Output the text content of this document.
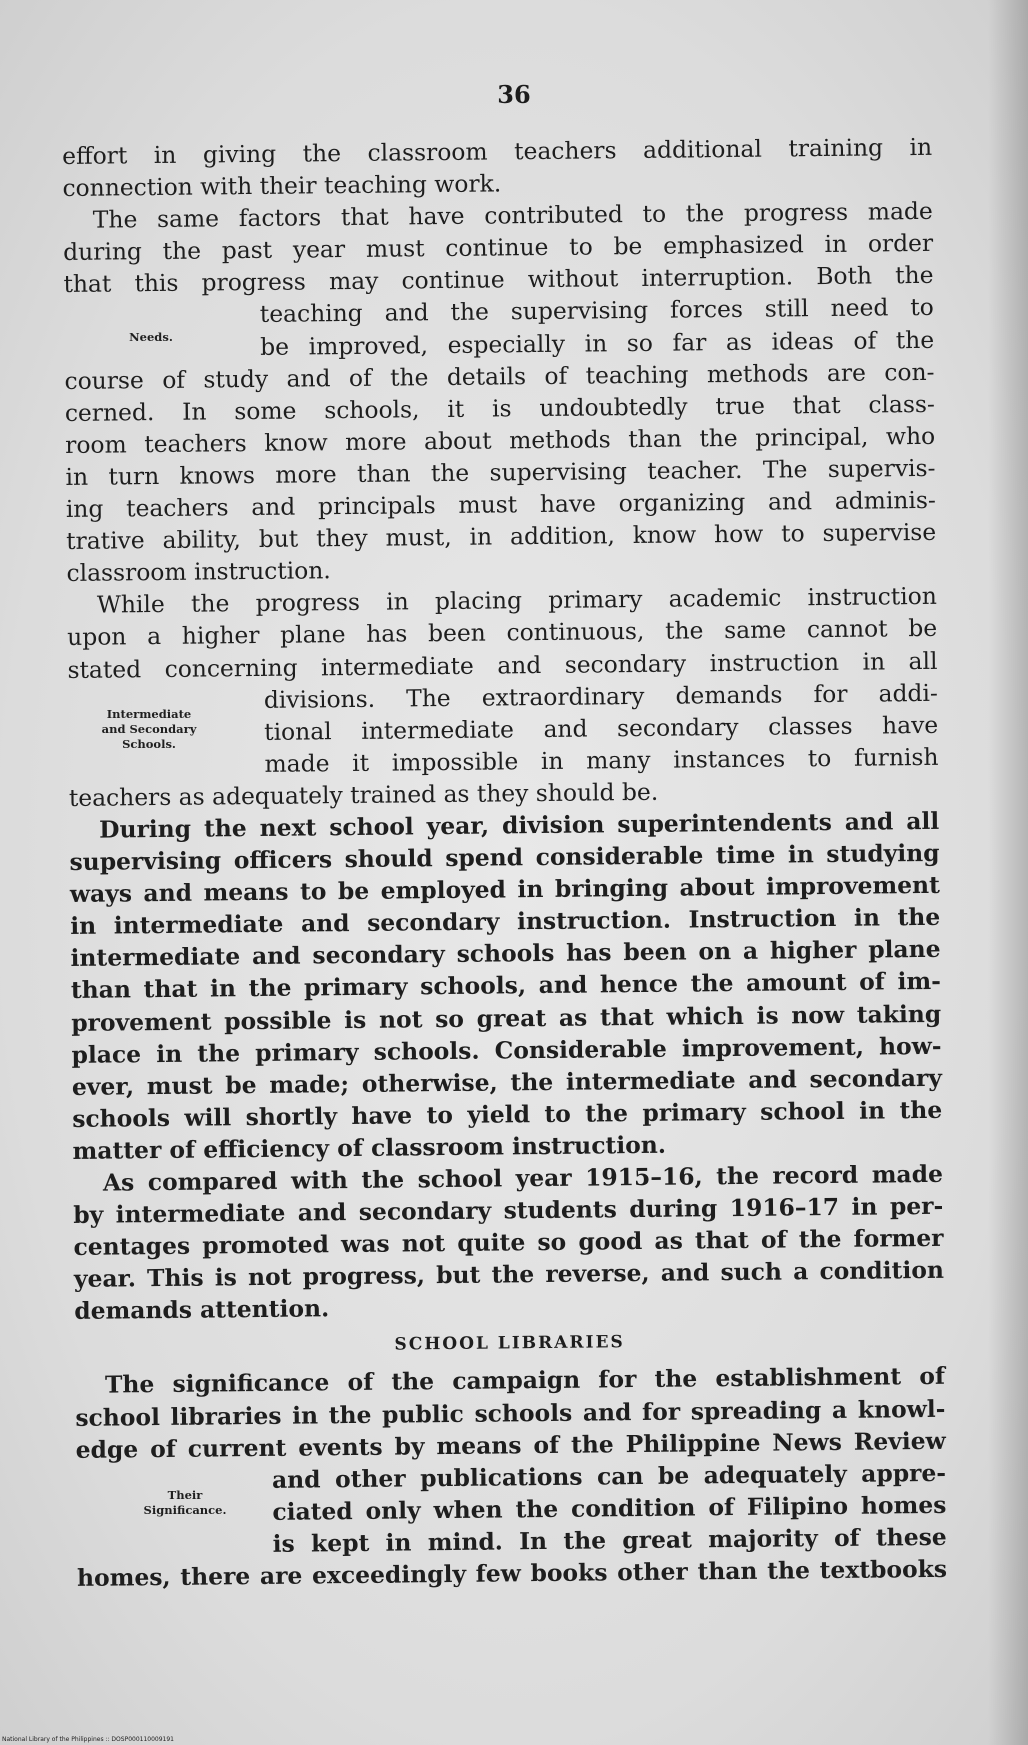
36
effort in giving the classroom teachers additional training in
connection with their teaching work.
The same factors that have contributed to the progress made
during the past year must continue to be emphasized in order
that this progress may continue without interruption. Both the
teaching and the supervising forces still need to
be improved, especially in so far as ideas of the
course of study and of the details of teaching methods are con-
cerned. In some schools, it is undoubtedly true that class-
room teachers know more about methods than the principal, who
in turn knows more than the supervising teacher. The supervis-
ing teachers and principals must have organizing and adminis-
trative ability, but they must, in addition, know how to supervise
classroom instruction.
While the progress in placing primary academic instruction
upon a higher plane has been continuous, the same cannot be
stated concerning intermediate and secondary instruction in all
divisions. The extraordinary demands for addi-
tional intermediate and secondary classes have
made it impossible in many instances to furnish
teachers as adequately trained as they should be.
During the next school year, division superintendents and all
supervising officers should spend considerable time in studying
ways and means to be employed in bringing about improvement
in intermediate and secondary instruction. Instruction in the
intermediate and secondary schools has been on a higher plane
than that in the primary schools, and hence the amount of im-
provement possible is not so great as that which is now taking
place in the primary schools. Considerable improvement, how-
ever, must be made; otherwise, the intermediate and secondary
schools will shortly have to yield to the primary school in the
matter of efficiency of classroom instruction.
As compared with the school year 1915–16, the record made
by intermediate and secondary students during 1916–17 in per-
centages promoted was not quite so good as that of the former
year. This is not progress, but the reverse, and such a condition
demands attention.
SCHOOL LIBRARIES
The significance of the campaign for the establishment of
school libraries in the public schools and for spreading a knowl-
edge of current events by means of the Philippine News Review
and other publications can be adequately appre-
ciated only when the condition of Filipino homes
is kept in mind. In the great majority of these
homes, there are exceedingly few books other than the textbooks
Needs.
Intermediate
and Secondary
Schools.
Their
Significance.
National Library of the Philippines :: DOSP000110009191
